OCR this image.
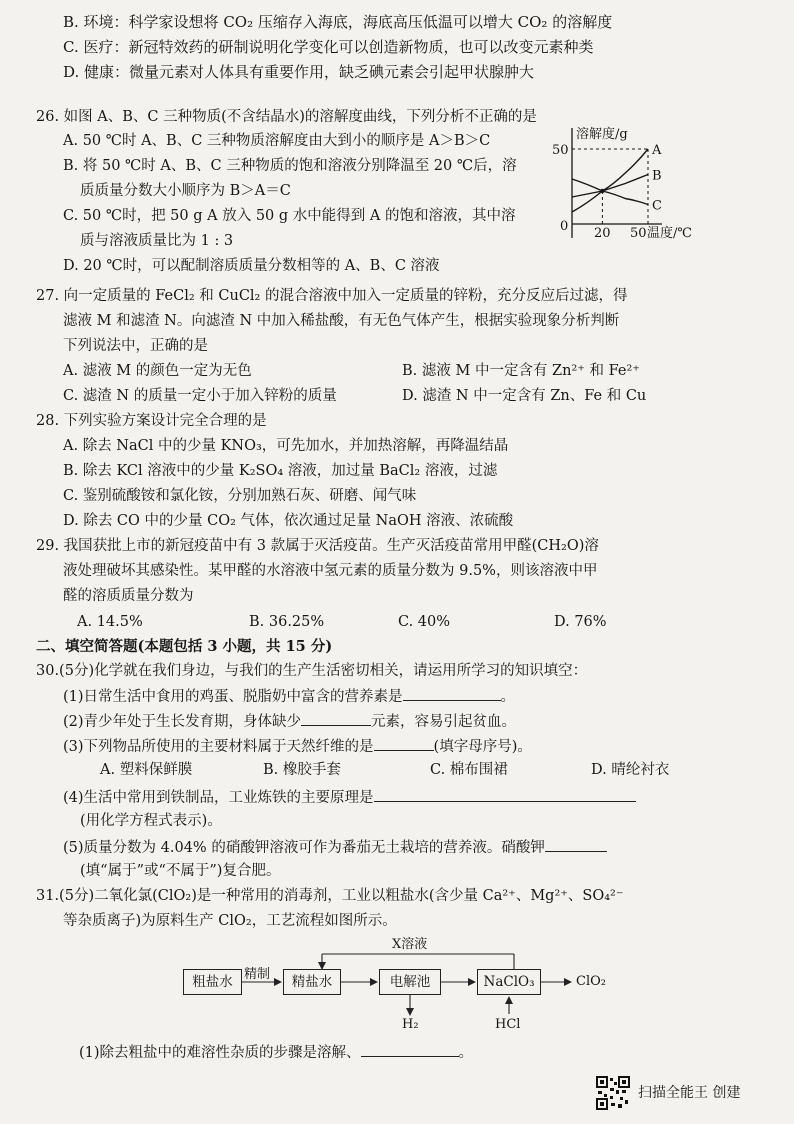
B. 环境：科学家设想将 CO₂ 压缩存入海底，海底高压低温可以增大 CO₂ 的溶解度
C. 医疗：新冠特效药的研制说明化学变化可以创造新物质，也可以改变元素种类
D. 健康：微量元素对人体具有重要作用，缺乏碘元素会引起甲状腺肿大
26. 如图 A、B、C 三种物质(不含结晶水)的溶解度曲线，下列分析不正确的是
A. 50 ℃时 A、B、C 三种物质溶解度由大到小的顺序是 A＞B＞C
B. 将 50 ℃时 A、B、C 三种物质的饱和溶液分别降温至 20 ℃后，溶
质质量分数大小顺序为 B＞A＝C
C. 50 ℃时，把 50 g A 放入 50 g 水中能得到 A 的饱和溶液，其中溶
质与溶液质量比为 1 : 3
D. 20 ℃时，可以配制溶质质量分数相等的 A、B、C 溶液
溶解度/g
50
0 20 50 温度/℃
A
B
C
27. 向一定质量的 FeCl₂ 和 CuCl₂ 的混合溶液中加入一定质量的锌粉，充分反应后过滤，得
滤液 M 和滤渣 N。向滤渣 N 中加入稀盐酸，有无色气体产生，根据实验现象分析判断
下列说法中，正确的是
A. 滤液 M 的颜色一定为无色	B. 滤液 M 中一定含有 Zn²⁺ 和 Fe²⁺
C. 滤渣 N 的质量一定小于加入锌粉的质量	D. 滤渣 N 中一定含有 Zn、Fe 和 Cu
28. 下列实验方案设计完全合理的是
A. 除去 NaCl 中的少量 KNO₃，可先加水，并加热溶解，再降温结晶
B. 除去 KCl 溶液中的少量 K₂SO₄ 溶液，加过量 BaCl₂ 溶液，过滤
C. 鉴别硫酸铵和氯化铵，分别加熟石灰、研磨、闻气味
D. 除去 CO 中的少量 CO₂ 气体，依次通过足量 NaOH 溶液、浓硫酸
29. 我国获批上市的新冠疫苗中有 3 款属于灭活疫苗。生产灭活疫苗常用甲醛(CH₂O)溶
液处理破坏其感染性。某甲醛的水溶液中氢元素的质量分数为 9.5%，则该溶液中甲
醛的溶质质量分数为
A. 14.5%	B. 36.25%	C. 40%	D. 76%
二、填空简答题(本题包括 3 小题，共 15 分)
30.(5分)化学就在我们身边，与我们的生产生活密切相关，请运用所学习的知识填空：
(1)日常生活中食用的鸡蛋、脱脂奶中富含的营养素是	。
(2)青少年处于生长发育期，身体缺少	元素，容易引起贫血。
(3)下列物品所使用的主要材料属于天然纤维的是	(填字母序号)。
A. 塑料保鲜膜	B. 橡胶手套	C. 棉布围裙	D. 晴纶衬衣
(4)生活中常用到铁制品，工业炼铁的主要原理是
(用化学方程式表示)。
(5)质量分数为 4.04% 的硝酸钾溶液可作为番茄无土栽培的营养液。硝酸钾
(填“属于”或“不属于”)复合肥。
31.(5分)二氧化氯(ClO₂)是一种常用的消毒剂，工业以粗盐水(含少量 Ca²⁺、Mg²⁺、SO₄²⁻
等杂质离子)为原料生产 ClO₂，工艺流程如图所示。
X溶液
粗盐水 精制	精盐水	电解池	NaClO₃	ClO₂
H₂	HCl
(1)除去粗盐中的难溶性杂质的步骤是溶解、	。
扫描全能王 创建
